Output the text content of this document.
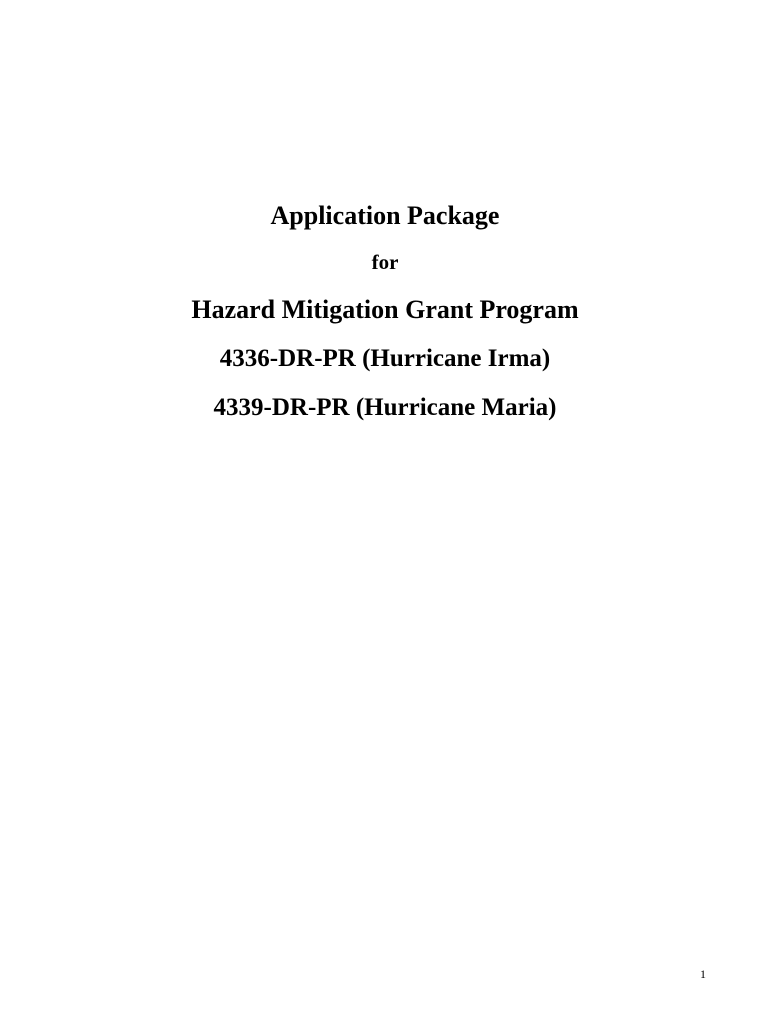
Application Package
for
Hazard Mitigation Grant Program
4336-DR-PR (Hurricane Irma)
4339-DR-PR (Hurricane Maria)
1
